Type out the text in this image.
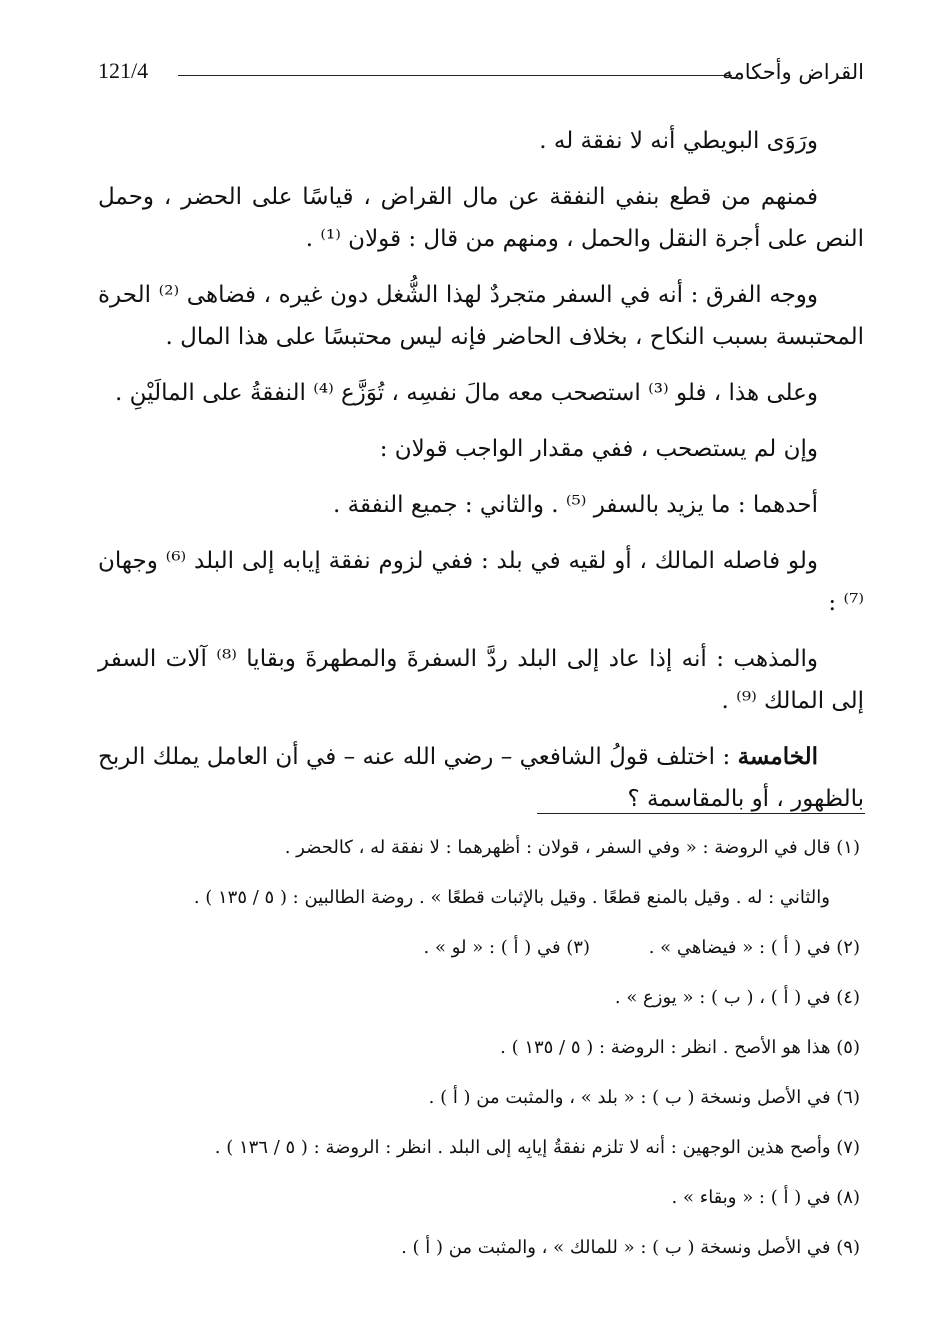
121/4	القراض وأحكامه

ورَوَى البويطي أنه لا نفقة له .

فمنهم من قطع بنفي النفقة عن مال القراض ، قياسًا على الحضر ، وحمل النص على أجرة النقل والحمل ، ومنهم من قال : قولان ⁽¹⁾ .

ووجه الفرق : أنه في السفر متجردٌ لهذا الشُّغل دون غيره ، فضاهى ⁽²⁾ الحرة المحتبسة بسبب النكاح ، بخلاف الحاضر فإنه ليس محتبسًا على هذا المال .

وعلى هذا ، فلو ⁽³⁾ استصحب معه مالَ نفسِه ، تُوَزَّع ⁽⁴⁾ النفقةُ على المالَيْنِ .

وإن لم يستصحب ، ففي مقدار الواجب قولان :

أحدهما : ما يزيد بالسفر ⁽⁵⁾ . والثاني : جميع النفقة .

ولو فاصله المالك ، أو لقيه في بلد : ففي لزوم نفقة إيابه إلى البلد ⁽⁶⁾ وجهان ⁽⁷⁾ :

والمذهب : أنه إذا عاد إلى البلد ردَّ السفرةَ والمطهرةَ وبقايا ⁽⁸⁾ آلات السفر إلى المالك ⁽⁹⁾ .

الخامسة : اختلف قولُ الشافعي – رضي الله عنه – في أن العامل يملك الربح بالظهور ، أو بالمقاسمة ؟

(١) قال في الروضة : « وفي السفر ، قولان : أظهرهما : لا نفقة له ، كالحضر .
والثاني : له . وقيل بالمنع قطعًا . وقيل بالإثبات قطعًا » . روضة الطالبين : ( ٥ / ١٣٥ ) .
(٢) في ( أ ) : « فيضاهي » .
(٣) في ( أ ) : « لو » .
(٤) في ( أ ) ، ( ب ) : « يوزع » .
(٥) هذا هو الأصح . انظر : الروضة : ( ٥ / ١٣٥ ) .
(٦) في الأصل ونسخة ( ب ) : « بلد » ، والمثبت من ( أ ) .
(٧) وأصح هذين الوجهين : أنه لا تلزم نفقةُ إيابِه إلى البلد . انظر : الروضة : ( ٥ / ١٣٦ ) .
(٨) في ( أ ) : « وبقاء » .
(٩) في الأصل ونسخة ( ب ) : « للمالك » ، والمثبت من ( أ ) .
